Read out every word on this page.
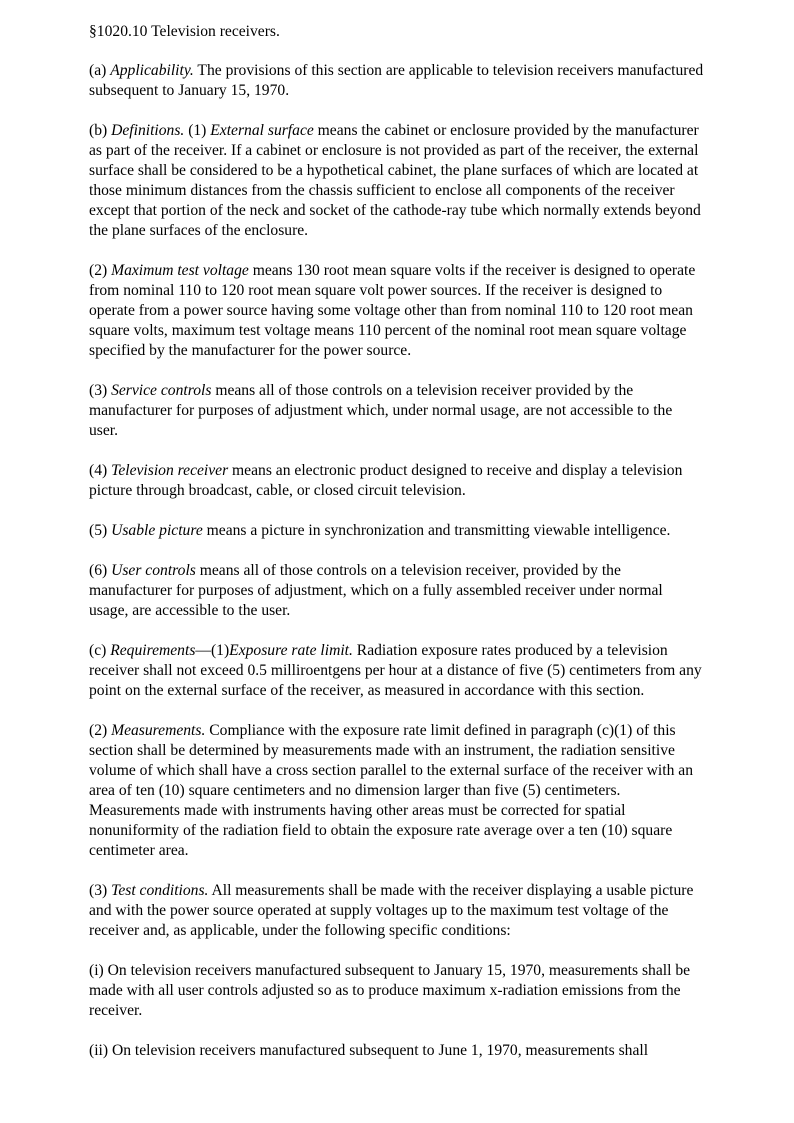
§1020.10 Television receivers.

(a) Applicability. The provisions of this section are applicable to television receivers manufactured subsequent to January 15, 1970.

(b) Definitions. (1) External surface means the cabinet or enclosure provided by the manufacturer as part of the receiver. If a cabinet or enclosure is not provided as part of the receiver, the external surface shall be considered to be a hypothetical cabinet, the plane surfaces of which are located at those minimum distances from the chassis sufficient to enclose all components of the receiver except that portion of the neck and socket of the cathode-ray tube which normally extends beyond the plane surfaces of the enclosure.

(2) Maximum test voltage means 130 root mean square volts if the receiver is designed to operate from nominal 110 to 120 root mean square volt power sources. If the receiver is designed to operate from a power source having some voltage other than from nominal 110 to 120 root mean square volts, maximum test voltage means 110 percent of the nominal root mean square voltage specified by the manufacturer for the power source.

(3) Service controls means all of those controls on a television receiver provided by the manufacturer for purposes of adjustment which, under normal usage, are not accessible to the user.

(4) Television receiver means an electronic product designed to receive and display a television picture through broadcast, cable, or closed circuit television.

(5) Usable picture means a picture in synchronization and transmitting viewable intelligence.

(6) User controls means all of those controls on a television receiver, provided by the manufacturer for purposes of adjustment, which on a fully assembled receiver under normal usage, are accessible to the user.

(c) Requirements—(1)Exposure rate limit. Radiation exposure rates produced by a television receiver shall not exceed 0.5 milliroentgens per hour at a distance of five (5) centimeters from any point on the external surface of the receiver, as measured in accordance with this section.

(2) Measurements. Compliance with the exposure rate limit defined in paragraph (c)(1) of this section shall be determined by measurements made with an instrument, the radiation sensitive volume of which shall have a cross section parallel to the external surface of the receiver with an area of ten (10) square centimeters and no dimension larger than five (5) centimeters. Measurements made with instruments having other areas must be corrected for spatial nonuniformity of the radiation field to obtain the exposure rate average over a ten (10) square centimeter area.

(3) Test conditions. All measurements shall be made with the receiver displaying a usable picture and with the power source operated at supply voltages up to the maximum test voltage of the receiver and, as applicable, under the following specific conditions:

(i) On television receivers manufactured subsequent to January 15, 1970, measurements shall be made with all user controls adjusted so as to produce maximum x-radiation emissions from the receiver.

(ii) On television receivers manufactured subsequent to June 1, 1970, measurements shall
